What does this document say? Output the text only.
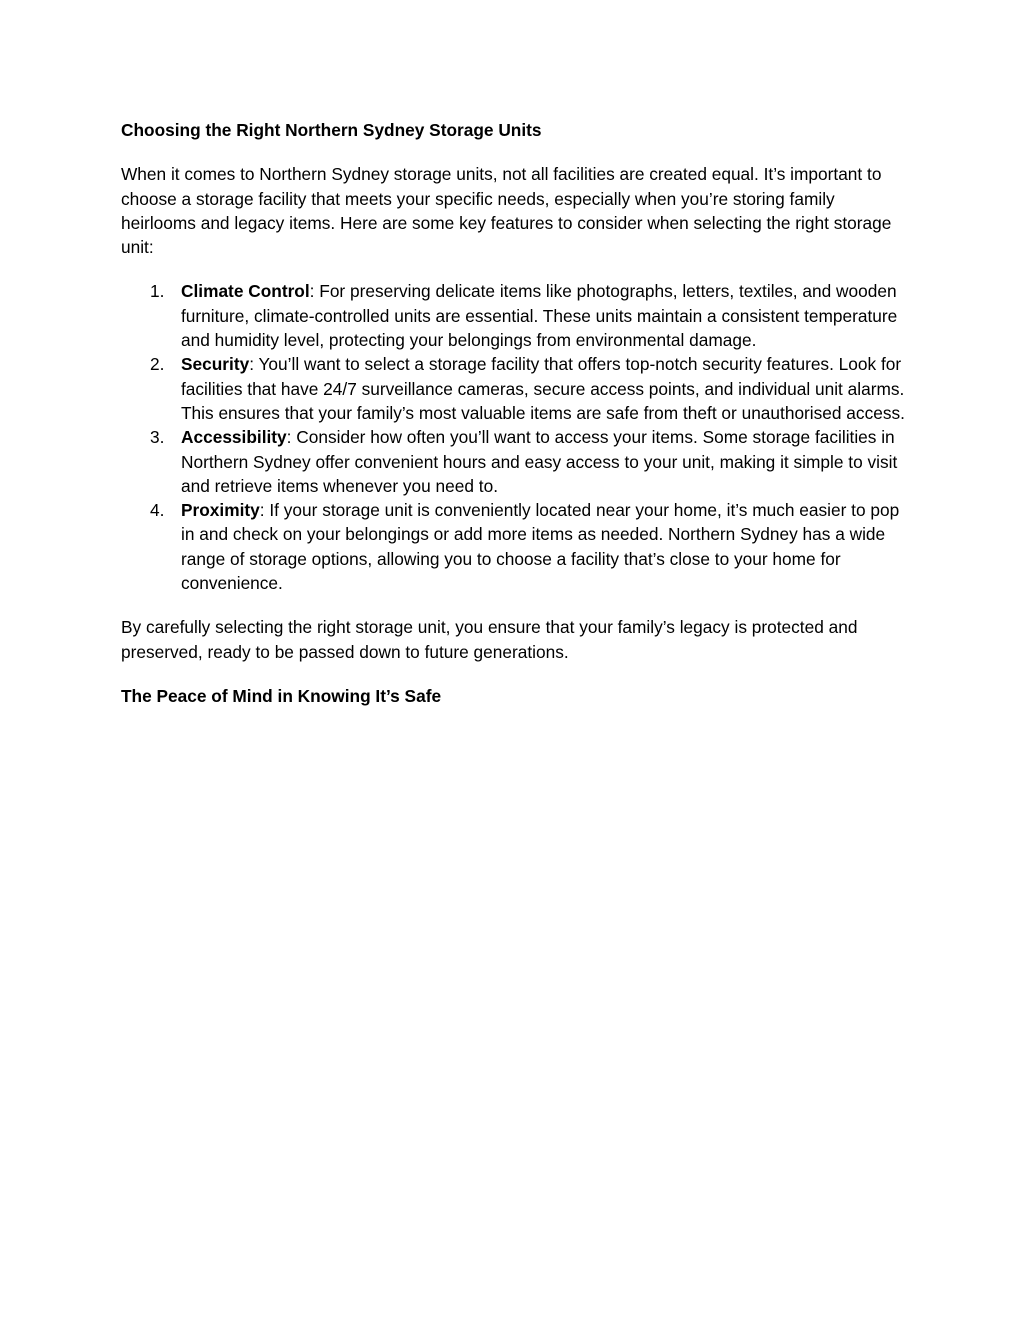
Choosing the Right Northern Sydney Storage Units

When it comes to Northern Sydney storage units, not all facilities are created equal. It’s important to choose a storage facility that meets your specific needs, especially when you’re storing family heirlooms and legacy items. Here are some key features to consider when selecting the right storage unit:

1. Climate Control: For preserving delicate items like photographs, letters, textiles, and wooden furniture, climate-controlled units are essential. These units maintain a consistent temperature and humidity level, protecting your belongings from environmental damage.
2. Security: You’ll want to select a storage facility that offers top-notch security features. Look for facilities that have 24/7 surveillance cameras, secure access points, and individual unit alarms. This ensures that your family’s most valuable items are safe from theft or unauthorised access.
3. Accessibility: Consider how often you’ll want to access your items. Some storage facilities in Northern Sydney offer convenient hours and easy access to your unit, making it simple to visit and retrieve items whenever you need to.
4. Proximity: If your storage unit is conveniently located near your home, it’s much easier to pop in and check on your belongings or add more items as needed. Northern Sydney has a wide range of storage options, allowing you to choose a facility that’s close to your home for convenience.

By carefully selecting the right storage unit, you ensure that your family’s legacy is protected and preserved, ready to be passed down to future generations.

The Peace of Mind in Knowing It’s Safe
